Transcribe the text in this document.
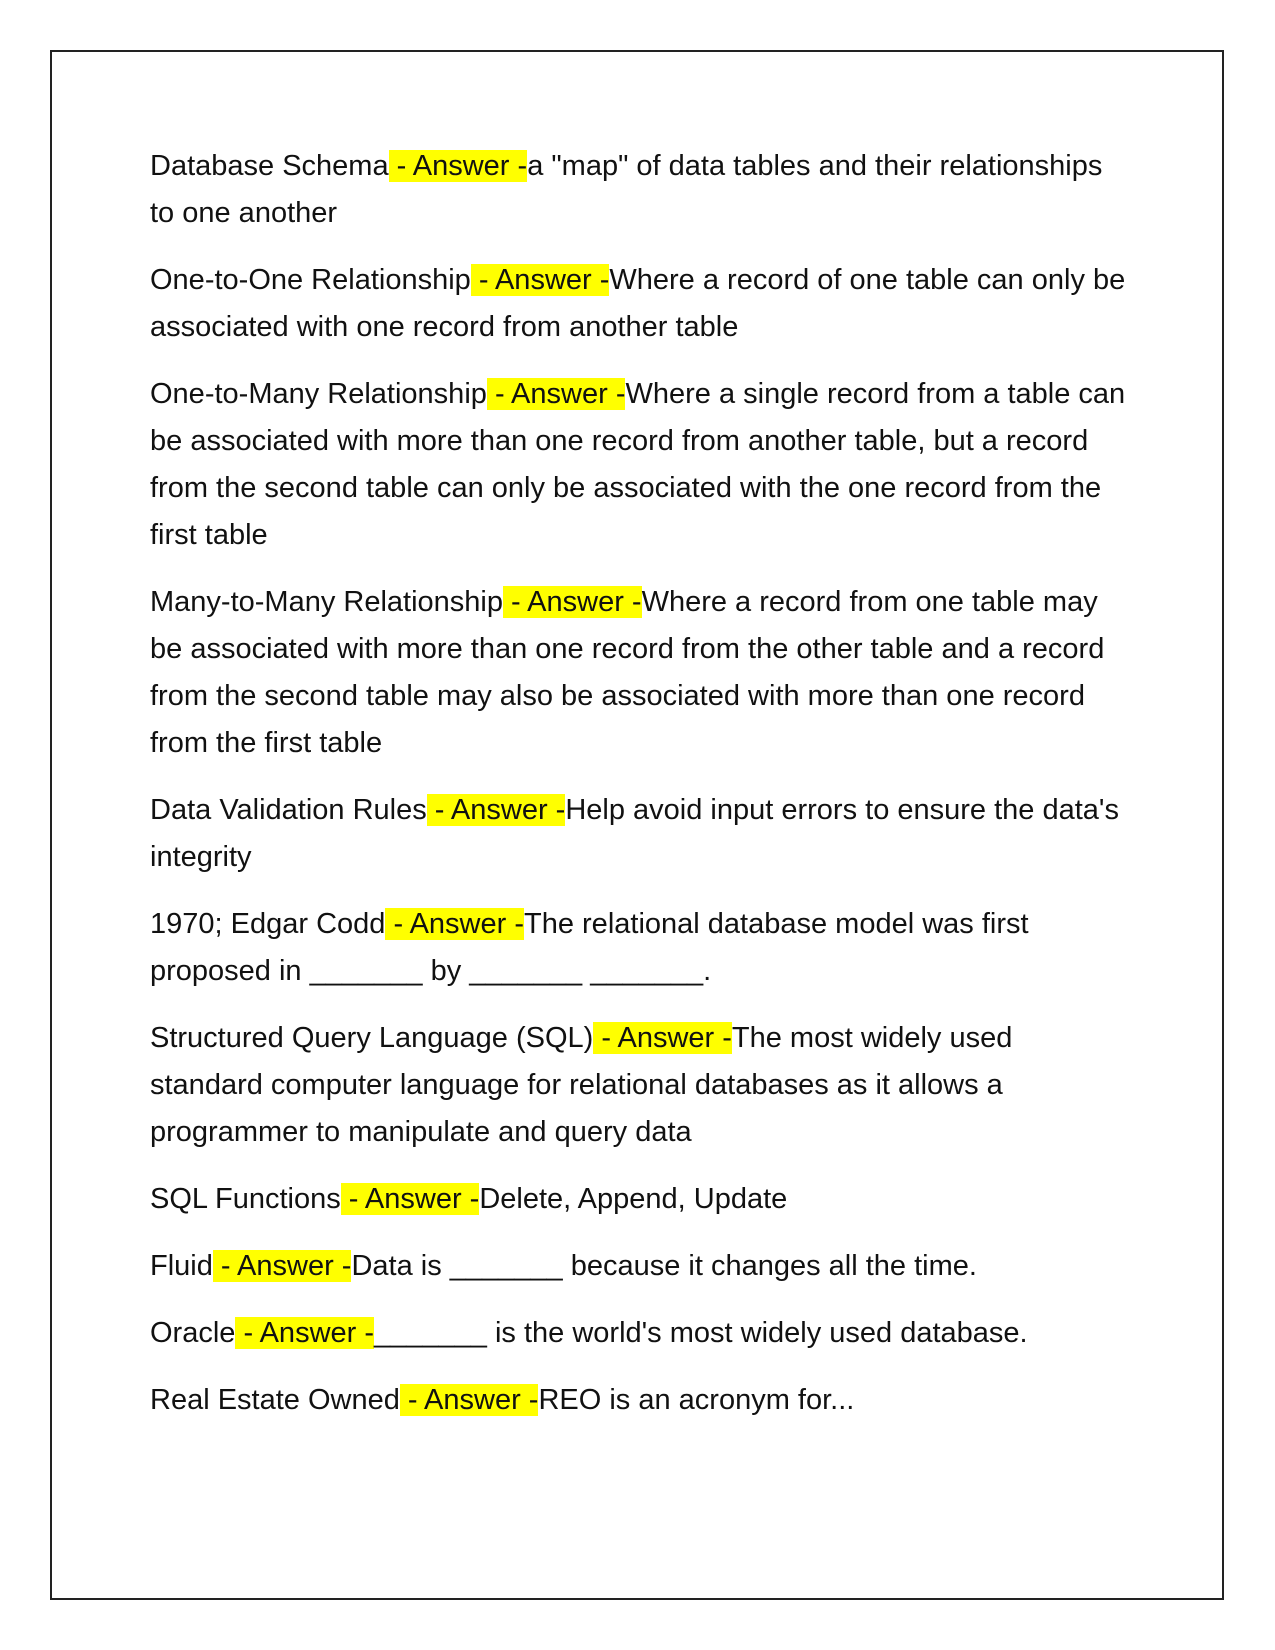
Database Schema - Answer -a "map" of data tables and their relationships to one another
One-to-One Relationship - Answer -Where a record of one table can only be associated with one record from another table
One-to-Many Relationship - Answer -Where a single record from a table can be associated with more than one record from another table, but a record from the second table can only be associated with the one record from the first table
Many-to-Many Relationship - Answer -Where a record from one table may be associated with more than one record from the other table and a record from the second table may also be associated with more than one record from the first table
Data Validation Rules - Answer -Help avoid input errors to ensure the data's integrity
1970; Edgar Codd - Answer -The relational database model was first proposed in _______ by _______ _______.
Structured Query Language (SQL) - Answer -The most widely used standard computer language for relational databases as it allows a programmer to manipulate and query data
SQL Functions - Answer -Delete, Append, Update
Fluid - Answer -Data is _______ because it changes all the time.
Oracle - Answer -_______ is the world's most widely used database.
Real Estate Owned - Answer -REO is an acronym for...
